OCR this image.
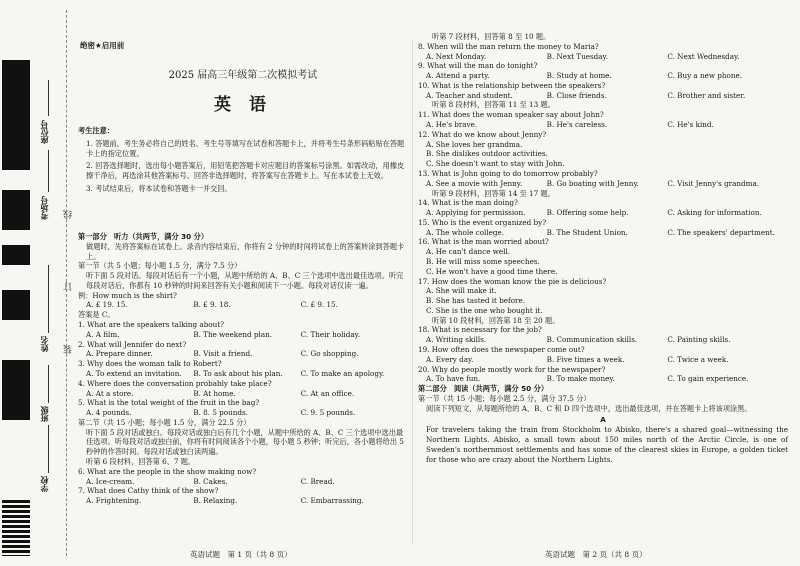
座位号
考场号
姓名
班级
学校
线
订
装
绝密★启用前
2025 届高三年级第二次模拟考试
英 语

考生注意：

1. 答题前，考生务必将自己的姓名、考生号等填写在试卷和答题卡上，并将考生号条形码粘贴在答题卡上的指定位置。

2. 回答选择题时，选出每小题答案后，用铅笔把答题卡对应题目的答案标号涂黑。如需改动，用橡皮擦干净后，再选涂其他答案标号。回答非选择题时，将答案写在答题卡上。写在本试卷上无效。

3. 考试结束后，将本试卷和答题卡一并交回。

第一部分　听力（共两节，满分 30 分）

做题时，先将答案标在试卷上。录音内容结束后，你将有 2 分钟的时间将试卷上的答案转涂到答题卡上。

第一节（共 5 小题；每小题 1.5 分，满分 7.5 分）

听下面 5 段对话。每段对话后有一个小题，从题中所给的 A、B、C 三个选项中选出最佳选项。听完每段对话后，你都有 10 秒钟的时间来回答有关小题和阅读下一小题。每段对话仅读一遍。

例：How much is the shirt?

A. £ 19. 15.	B. £ 9. 18.	C. £ 9. 15.

答案是 C。

1. What are the speakers talking about?

A. A film.	B. The weekend plan.	C. Their holiday.

2. What will Jennifer do next?

A. Prepare dinner.	B. Visit a friend.	C. Go shopping.

3. Why does the woman talk to Robert?

A. To extend an invitation.	B. To ask about his plan.	C. To make an apology.

4. Where does the conversation probably take place?

A. At a store.	B. At home.	C. At an office.

5. What is the total weight of the fruit in the bag?

A. 4 pounds.	B. 8. 5 pounds.	C. 9. 5 pounds.

第二节（共 15 小题；每小题 1.5 分，满分 22.5 分）

听下面 5 段对话或独白。每段对话或独白后有几个小题，从题中所给的 A、B、C 三个选项中选出最佳选项。听每段对话或独白前，你将有时间阅读各个小题，每小题 5 秒钟；听完后，各小题将给出 5 秒钟的作答时间。每段对话或独白读两遍。

听第 6 段材料，回答第 6、7 题。

6. What are the people in the show making now?

A. Ice-cream.	B. Cakes.	C. Bread.

7. What does Cathy think of the show?

A. Frightening.	B. Relaxing.	C. Embarrassing.
英语试题　第 1 页（共 8 页）

听第 7 段材料，回答第 8 至 10 题。

8. When will the man return the money to Maria?

A. Next Monday.	B. Next Tuesday.	C. Next Wednesday.

9. What will the man do tonight?

A. Attend a party.	B. Study at home.	C. Buy a new phone.

10. What is the relationship between the speakers?

A. Teacher and student.	B. Close friends.	C. Brother and sister.

听第 8 段材料，回答第 11 至 13 题。

11. What does the woman speaker say about John?

A. He's brave.	B. He's careless.	C. He's kind.

12. What do we know about Jenny?

A. She loves her grandma.

B. She dislikes outdoor activities.

C. She doesn't want to stay with John.

13. What is John going to do tomorrow probably?

A. See a movie with Jenny.	B. Go boating with Jenny.	C. Visit Jenny's grandma.

听第 9 段材料，回答第 14 至 17 题。

14. What is the man doing?

A. Applying for permission.	B. Offering some help.	C. Asking for information.

15. Who is the event organized by?

A. The whole college.	B. The Student Union.	C. The speakers' department.

16. What is the man worried about?

A. He can't dance well.

B. He will miss some speeches.

C. He won't have a good time there.

17. How does the woman know the pie is delicious?

A. She will make it.

B. She has tasted it before.

C. She is the one who bought it.

听第 10 段材料，回答第 18 至 20 题。

18. What is necessary for the job?

A. Writing skills.	B. Communication skills.	C. Painting skills.

19. How often does the newspaper come out?

A. Every day.	B. Five times a week.	C. Twice a week.

20. Why do people mostly work for the newspaper?

A. To have fun.	B. To make money.	C. To gain experience.

第二部分　阅读（共两节，满分 50 分）

第一节（共 15 小题；每小题 2.5 分，满分 37.5 分）

阅读下列短文，从每题所给的 A、B、C 和 D 四个选项中，选出最佳选项，并在答题卡上将该项涂黑。

A

For travelers taking the train from Stockholm to Abisko, there's a shared goal—witnessing the Northern Lights. Abisko, a small town about 150 miles north of the Arctic Circle, is one of Sweden's northernmost settlements and has some of the clearest skies in Europe, a golden ticket for those who are crazy about the Northern Lights.

英语试题　第 2 页（共 8 页）
